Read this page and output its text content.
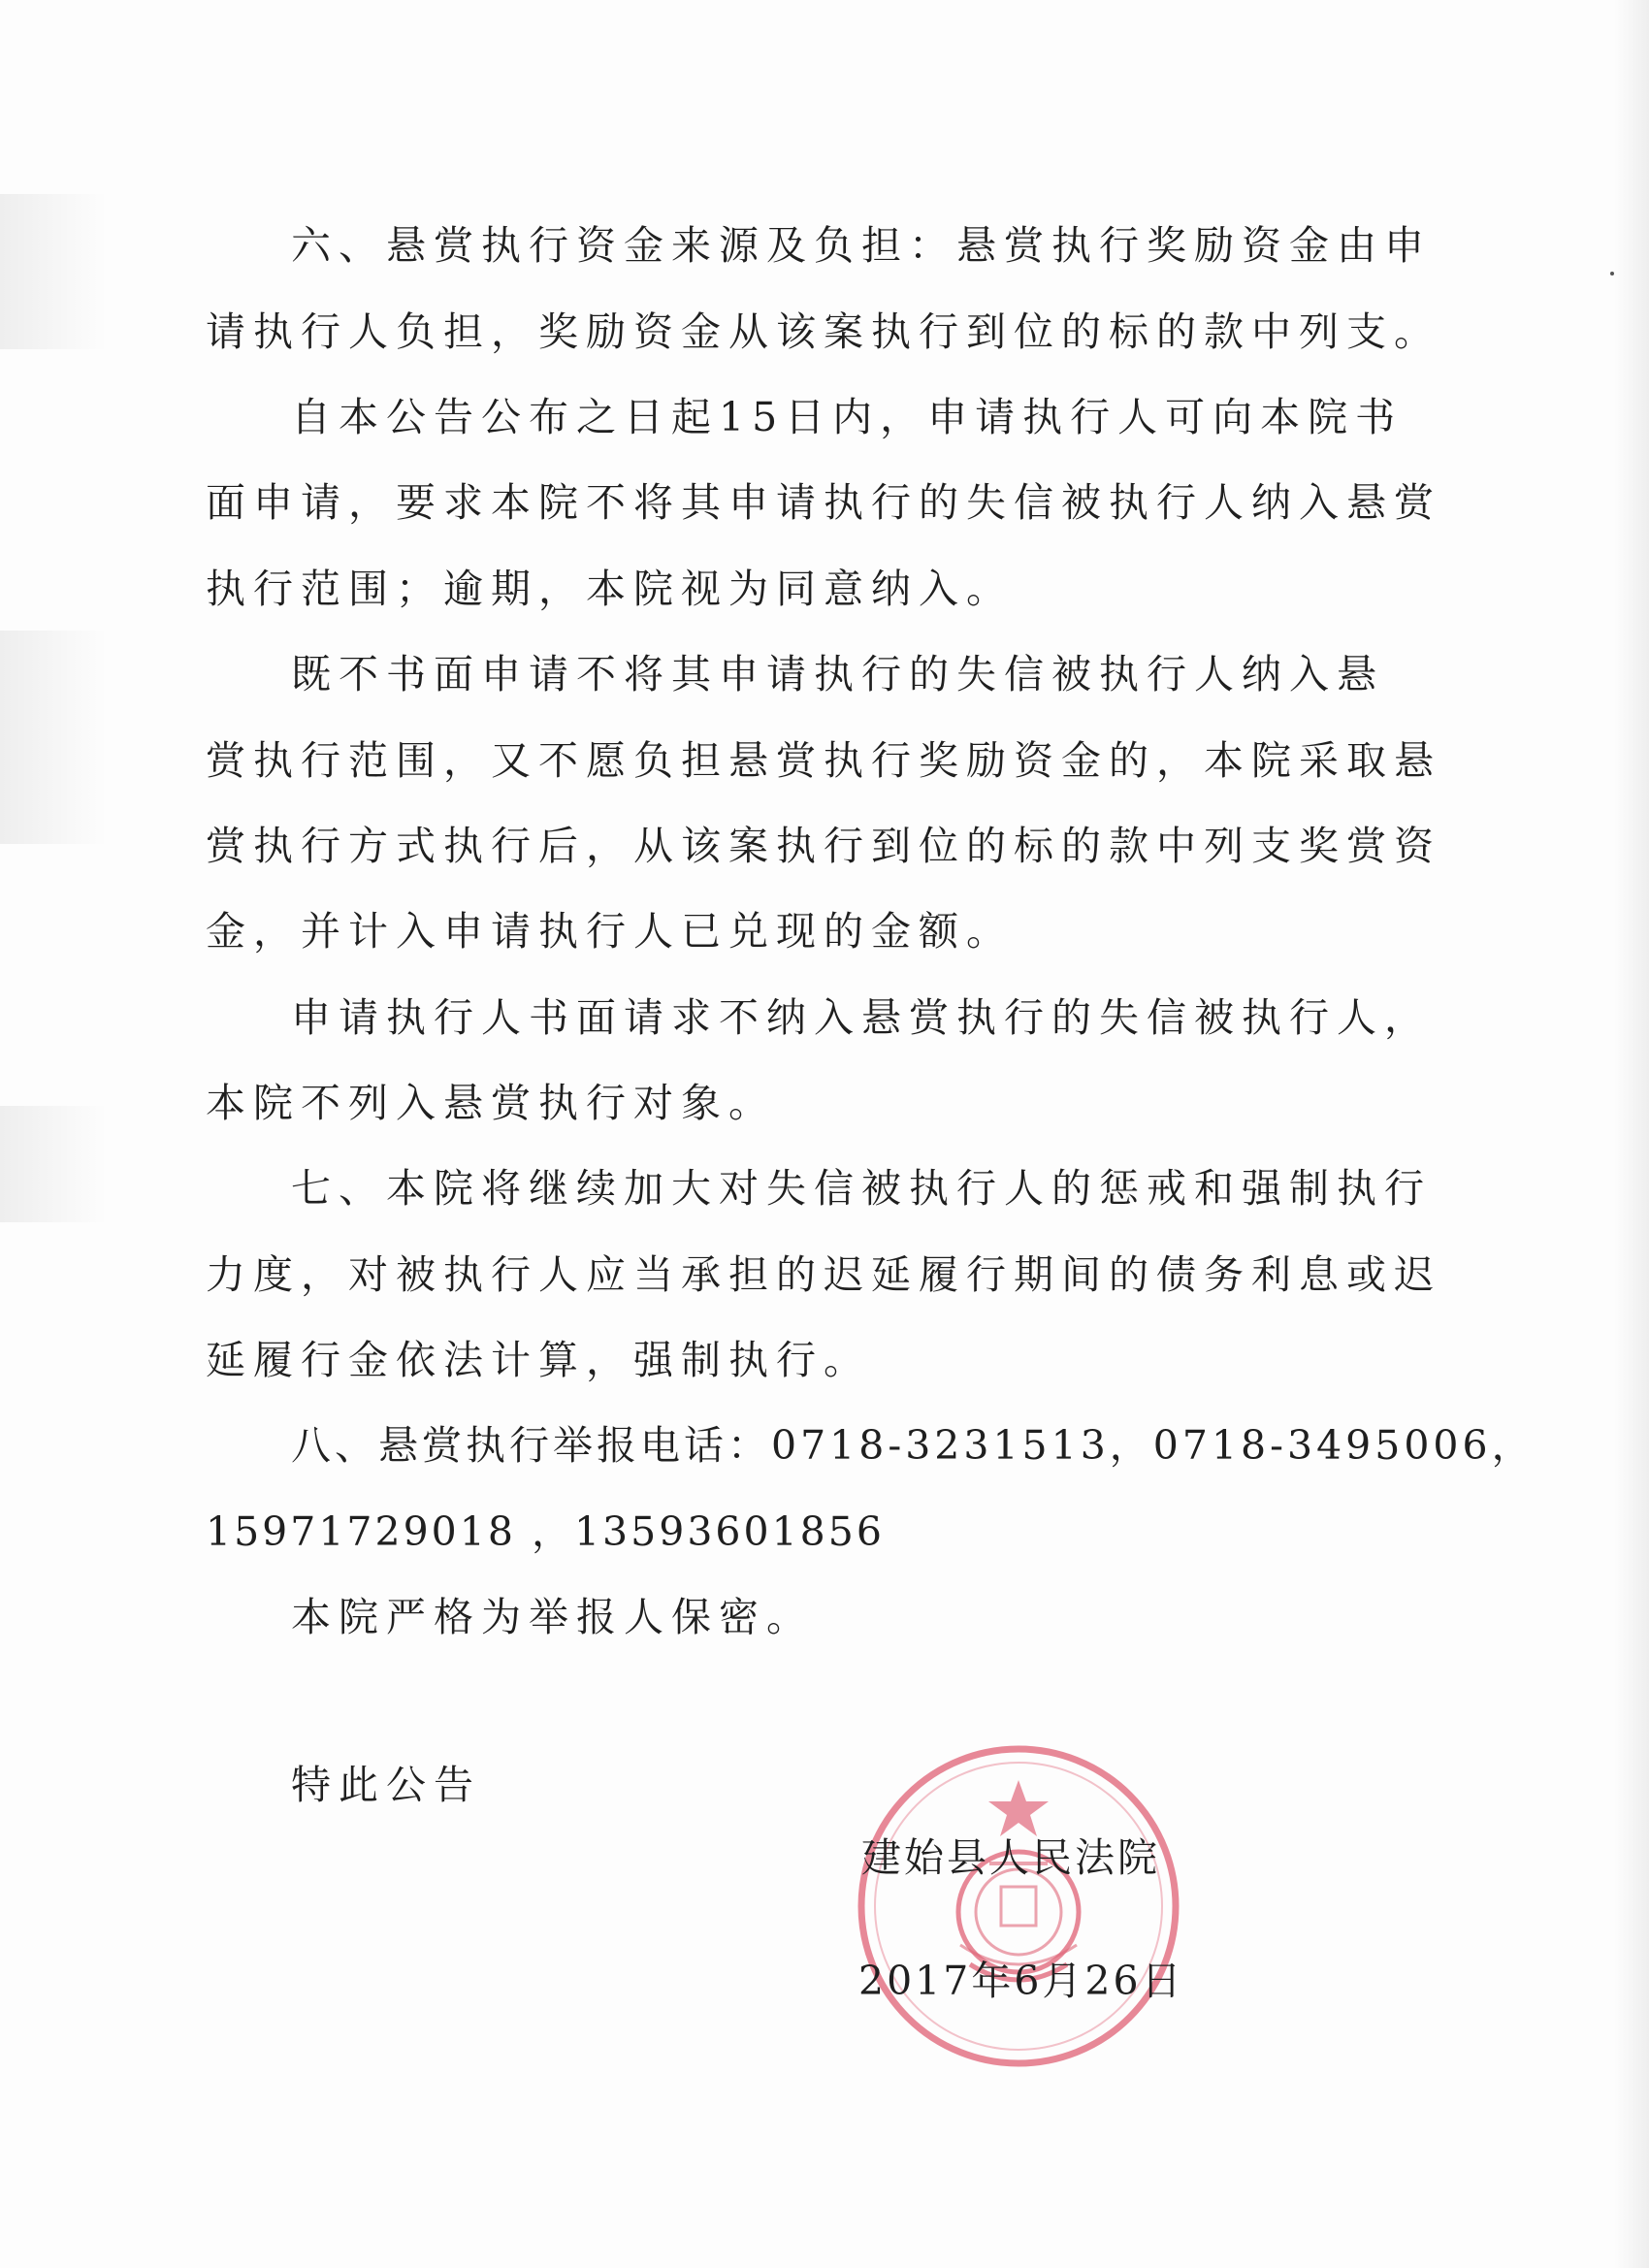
六、悬赏执行资金来源及负担：悬赏执行奖励资金由申
请执行人负担，奖励资金从该案执行到位的标的款中列支。
自本公告公布之日起15日内，申请执行人可向本院书
面申请，要求本院不将其申请执行的失信被执行人纳入悬赏
执行范围；逾期，本院视为同意纳入。
既不书面申请不将其申请执行的失信被执行人纳入悬
赏执行范围，又不愿负担悬赏执行奖励资金的，本院采取悬
赏执行方式执行后，从该案执行到位的标的款中列支奖赏资
金，并计入申请执行人已兑现的金额。
申请执行人书面请求不纳入悬赏执行的失信被执行人，
本院不列入悬赏执行对象。
七、本院将继续加大对失信被执行人的惩戒和强制执行
力度，对被执行人应当承担的迟延履行期间的债务利息或迟
延履行金依法计算，强制执行。
八、悬赏执行举报电话：0718-3231513，0718-3495006，
15971729018 ，13593601856
本院严格为举报人保密。
特此公告
建始县人民法院
2017年6月26日
